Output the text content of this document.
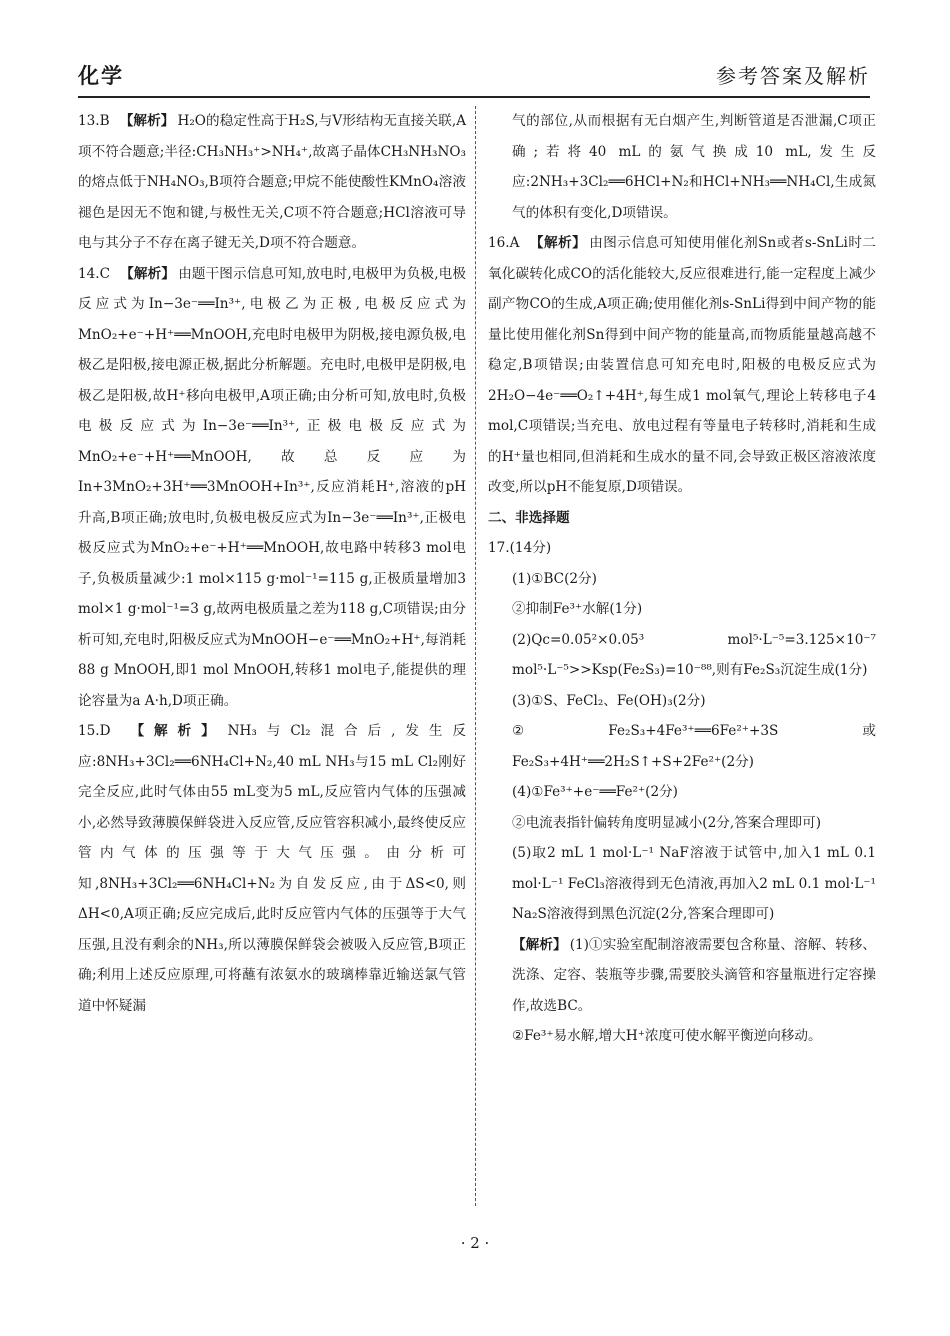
化学	参考答案及解析

13.B 【解析】 H₂O的稳定性高于H₂S,与V形结构无直接关联,A项不符合题意;半径:CH₃NH₃⁺>NH₄⁺,故离子晶体CH₃NH₃NO₃的熔点低于NH₄NO₃,B项符合题意;甲烷不能使酸性KMnO₄溶液褪色是因无不饱和键,与极性无关,C项不符合题意;HCl溶液可导电与其分子不存在离子键无关,D项不符合题意。

14.C 【解析】 由题干图示信息可知,放电时,电极甲为负极,电极反应式为In−3e⁻══In³⁺,电极乙为正极,电极反应式为MnO₂+e⁻+H⁺══MnOOH,充电时电极甲为阴极,接电源负极,电极乙是阳极,接电源正极,据此分析解题。充电时,电极甲是阴极,电极乙是阳极,故H⁺移向电极甲,A项正确;由分析可知,放电时,负极电极反应式为In−3e⁻══In³⁺,正极电极反应式为MnO₂+e⁻+H⁺══MnOOH,故总反应为In+3MnO₂+3H⁺══3MnOOH+In³⁺,反应消耗H⁺,溶液的pH升高,B项正确;放电时,负极电极反应式为In−3e⁻══In³⁺,正极电极反应式为MnO₂+e⁻+H⁺══MnOOH,故电路中转移3 mol电子,负极质量减少:1 mol×115 g·mol⁻¹=115 g,正极质量增加3 mol×1 g·mol⁻¹=3 g,故两电极质量之差为118 g,C项错误;由分析可知,充电时,阳极反应式为MnOOH−e⁻══MnO₂+H⁺,每消耗88 g MnOOH,即1 mol MnOOH,转移1 mol电子,能提供的理论容量为a A·h,D项正确。

15.D 【解析】 NH₃与Cl₂混合后,发生反应:8NH₃+3Cl₂══6NH₄Cl+N₂,40 mL NH₃与15 mL Cl₂刚好完全反应,此时气体由55 mL变为5 mL,反应管内气体的压强减小,必然导致薄膜保鲜袋进入反应管,反应管容积减小,最终使反应管内气体的压强等于大气压强。由分析可知,8NH₃+3Cl₂══6NH₄Cl+N₂为自发反应,由于ΔS<0,则ΔH<0,A项正确;反应完成后,此时反应管内气体的压强等于大气压强,且没有剩余的NH₃,所以薄膜保鲜袋会被吸入反应管,B项正确;利用上述反应原理,可将蘸有浓氨水的玻璃棒靠近输送氯气管道中怀疑漏

气的部位,从而根据有无白烟产生,判断管道是否泄漏,C项正确;若将40 mL的氨气换成10 mL,发生反应:2NH₃+3Cl₂══6HCl+N₂和HCl+NH₃══NH₄Cl,生成氮气的体积有变化,D项错误。

16.A 【解析】 由图示信息可知使用催化剂Sn或者s-SnLi时二氧化碳转化成CO的活化能较大,反应很难进行,能一定程度上减少副产物CO的生成,A项正确;使用催化剂s-SnLi得到中间产物的能量比使用催化剂Sn得到中间产物的能量高,而物质能量越高越不稳定,B项错误;由装置信息可知充电时,阳极的电极反应式为2H₂O−4e⁻══O₂↑+4H⁺,每生成1 mol氧气,理论上转移电子4 mol,C项错误;当充电、放电过程有等量电子转移时,消耗和生成的H⁺量也相同,但消耗和生成水的量不同,会导致正极区溶液浓度改变,所以pH不能复原,D项错误。

二、非选择题

17.(14分)

(1)①BC(2分)

②抑制Fe³⁺水解(1分)

(2)Qc=0.05²×0.05³ mol⁵·L⁻⁵=3.125×10⁻⁷ mol⁵·L⁻⁵>>Ksp(Fe₂S₃)=10⁻⁸⁸,则有Fe₂S₃沉淀生成(1分)

(3)①S、FeCl₂、Fe(OH)₃(2分)

②Fe₂S₃+4Fe³⁺══6Fe²⁺+3S或Fe₂S₃+4H⁺══2H₂S↑+S+2Fe²⁺(2分)

(4)①Fe³⁺+e⁻══Fe²⁺(2分)

②电流表指针偏转角度明显减小(2分,答案合理即可)

(5)取2 mL 1 mol·L⁻¹ NaF溶液于试管中,加入1 mL 0.1 mol·L⁻¹ FeCl₃溶液得到无色清液,再加入2 mL 0.1 mol·L⁻¹ Na₂S溶液得到黑色沉淀(2分,答案合理即可)

【解析】 (1)①实验室配制溶液需要包含称量、溶解、转移、洗涤、定容、装瓶等步骤,需要胶头滴管和容量瓶进行定容操作,故选BC。

②Fe³⁺易水解,增大H⁺浓度可使水解平衡逆向移动。

· 2 ·
